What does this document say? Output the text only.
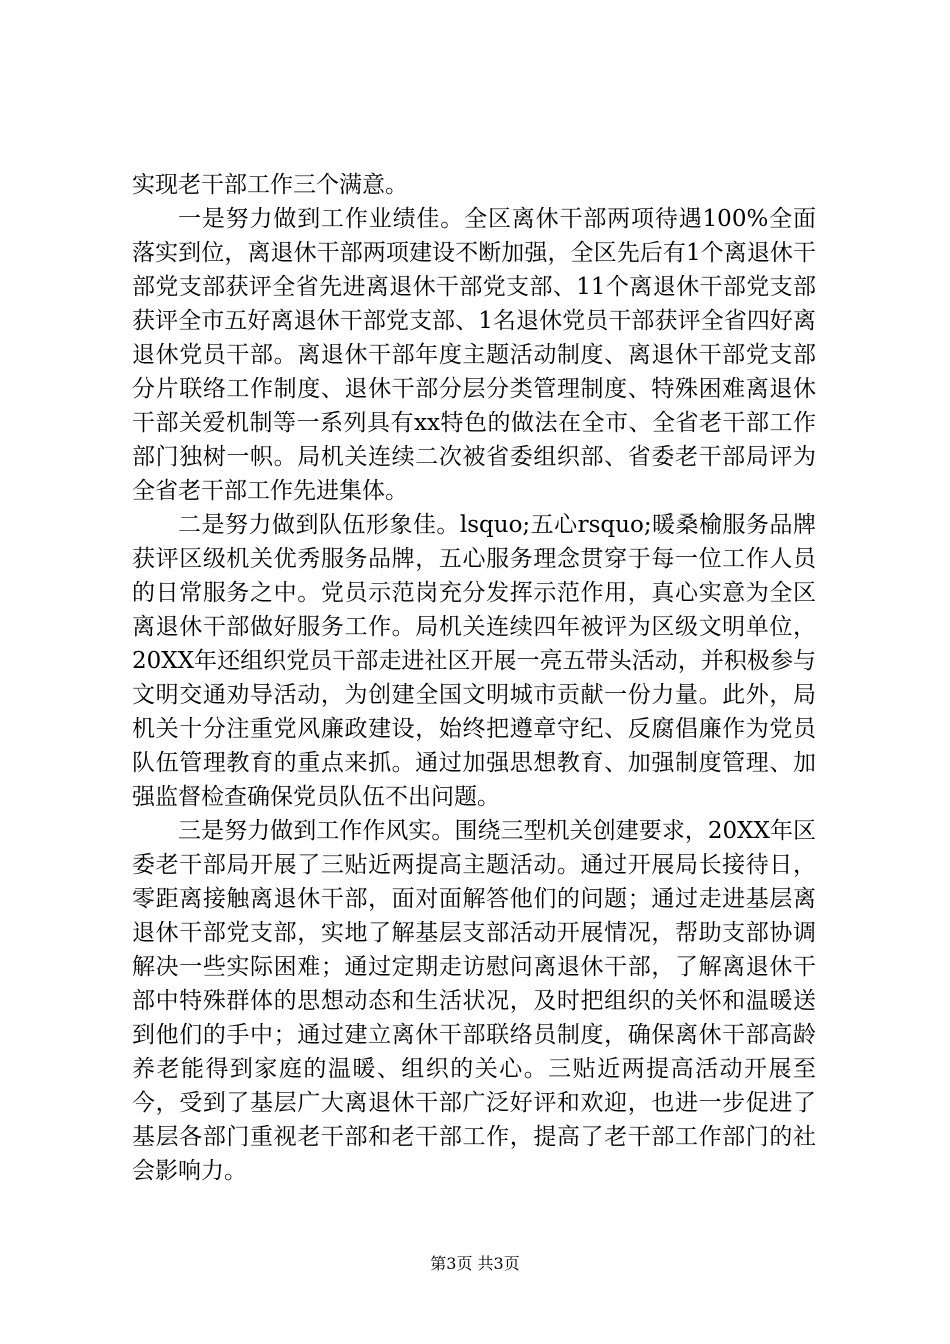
实现老干部工作三个满意。

一是努力做到工作业绩佳。全区离休干部两项待遇100%全面落实到位，离退休干部两项建设不断加强，全区先后有1个离退休干部党支部获评全省先进离退休干部党支部、11个离退休干部党支部获评全市五好离退休干部党支部、1名退休党员干部获评全省四好离退休党员干部。离退休干部年度主题活动制度、离退休干部党支部分片联络工作制度、退休干部分层分类管理制度、特殊困难离退休干部关爱机制等一系列具有xx特色的做法在全市、全省老干部工作部门独树一帜。局机关连续二次被省委组织部、省委老干部局评为全省老干部工作先进集体。

二是努力做到队伍形象佳。lsquo;五心rsquo;暖桑榆服务品牌获评区级机关优秀服务品牌，五心服务理念贯穿于每一位工作人员的日常服务之中。党员示范岗充分发挥示范作用，真心实意为全区离退休干部做好服务工作。局机关连续四年被评为区级文明单位，20XX年还组织党员干部走进社区开展一亮五带头活动，并积极参与文明交通劝导活动，为创建全国文明城市贡献一份力量。此外，局机关十分注重党风廉政建设，始终把遵章守纪、反腐倡廉作为党员队伍管理教育的重点来抓。通过加强思想教育、加强制度管理、加强监督检查确保党员队伍不出问题。

三是努力做到工作作风实。围绕三型机关创建要求，20XX年区委老干部局开展了三贴近两提高主题活动。通过开展局长接待日，零距离接触离退休干部，面对面解答他们的问题；通过走进基层离退休干部党支部，实地了解基层支部活动开展情况，帮助支部协调解决一些实际困难；通过定期走访慰问离退休干部，了解离退休干部中特殊群体的思想动态和生活状况，及时把组织的关怀和温暖送到他们的手中；通过建立离休干部联络员制度，确保离休干部高龄养老能得到家庭的温暖、组织的关心。三贴近两提高活动开展至今，受到了基层广大离退休干部广泛好评和欢迎，也进一步促进了基层各部门重视老干部和老干部工作，提高了老干部工作部门的社会影响力。

第3页 共3页
